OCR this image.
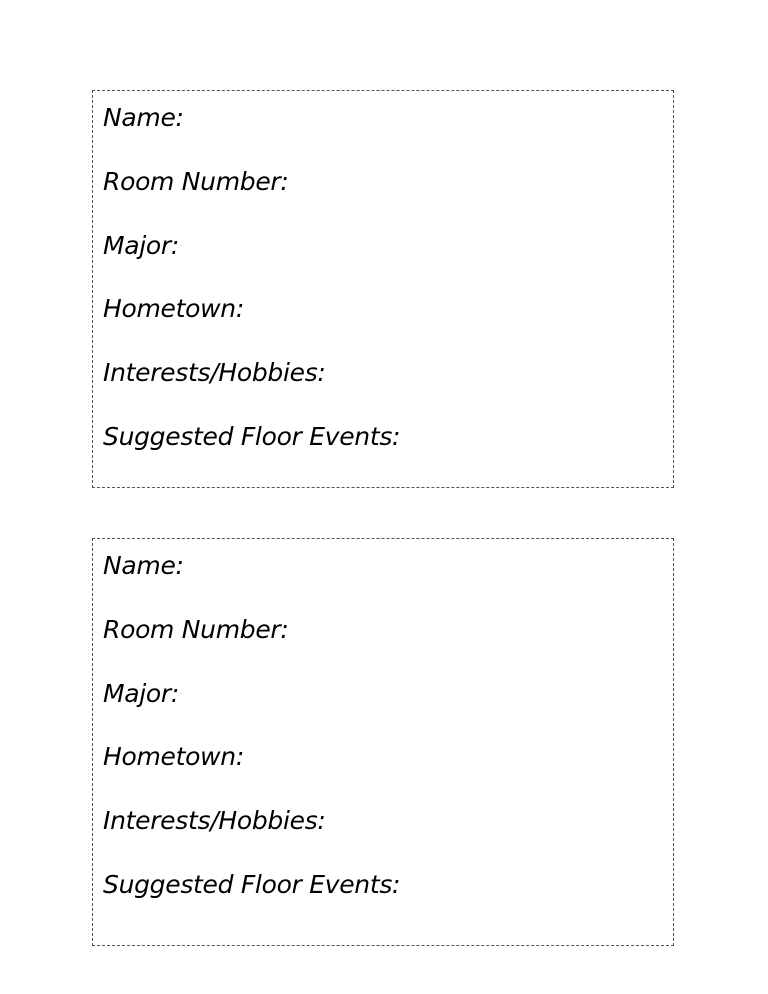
Name:
Room Number:
Major:
Hometown:
Interests/Hobbies:
Suggested Floor Events:
Name:
Room Number:
Major:
Hometown:
Interests/Hobbies:
Suggested Floor Events:
